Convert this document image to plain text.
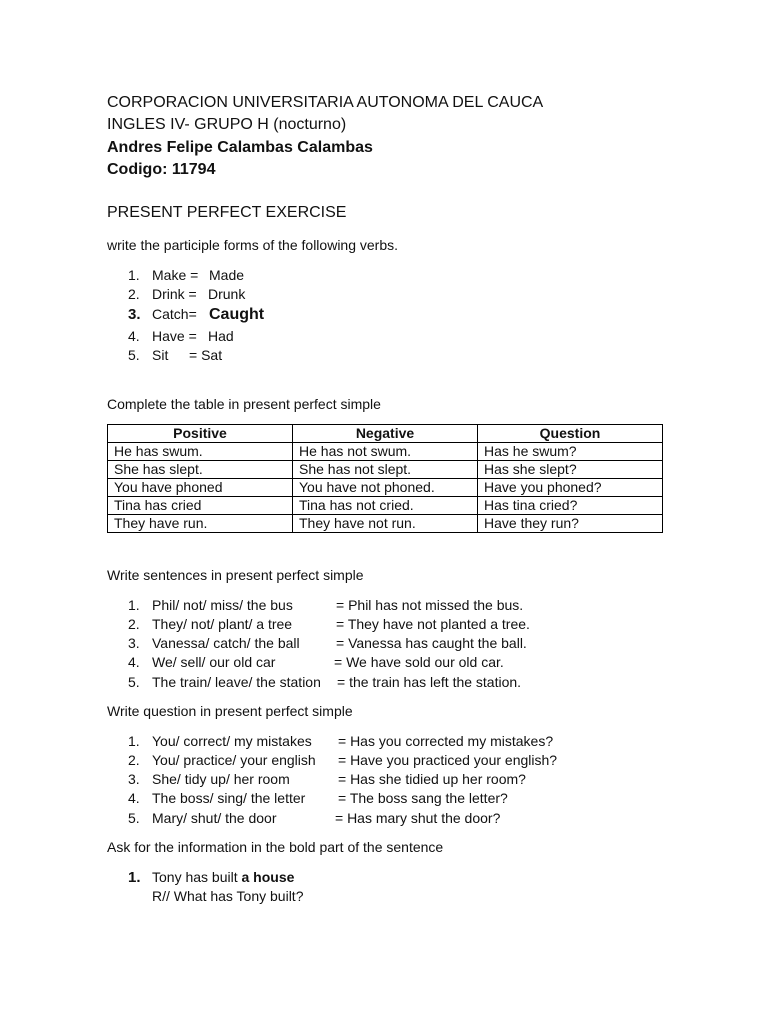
CORPORACION UNIVERSITARIA AUTONOMA DEL CAUCA
INGLES IV- GRUPO H (nocturno)
Andres Felipe Calambas Calambas
Codigo: 11794
PRESENT PERFECT EXERCISE
write the participle forms of the following verbs.
1. Make = Made
2. Drink = Drunk
3. Catch= Caught
4. Have = Had
5. Sit = Sat
Complete the table in present perfect simple
Positive	Negative	Question
He has swum.	He has not swum.	Has he swum?
She has slept.	She has not slept.	Has she slept?
You have phoned	You have not phoned.	Have you phoned?
Tina has cried	Tina has not cried.	Has tina cried?
They have run.	They have not run.	Have they run?
Write sentences in present perfect simple
1. Phil/ not/ miss/ the bus	= Phil has not missed the bus.
2. They/ not/ plant/ a tree	= They have not planted a tree.
3. Vanessa/ catch/ the ball	= Vanessa has caught the ball.
4. We/ sell/ our old car	= We have sold our old car.
5. The train/ leave/ the station = the train has left the station.
Write question in present perfect simple
1. You/ correct/ my mistakes = Has you corrected my mistakes?
2. You/ practice/ your english = Have you practiced your english?
3. She/ tidy up/ her room	= Has she tidied up her room?
4. The boss/ sing/ the letter = The boss sang the letter?
5. Mary/ shut/ the door	= Has mary shut the door?
Ask for the information in the bold part of the sentence
1. Tony has built a house
R// What has Tony built?
